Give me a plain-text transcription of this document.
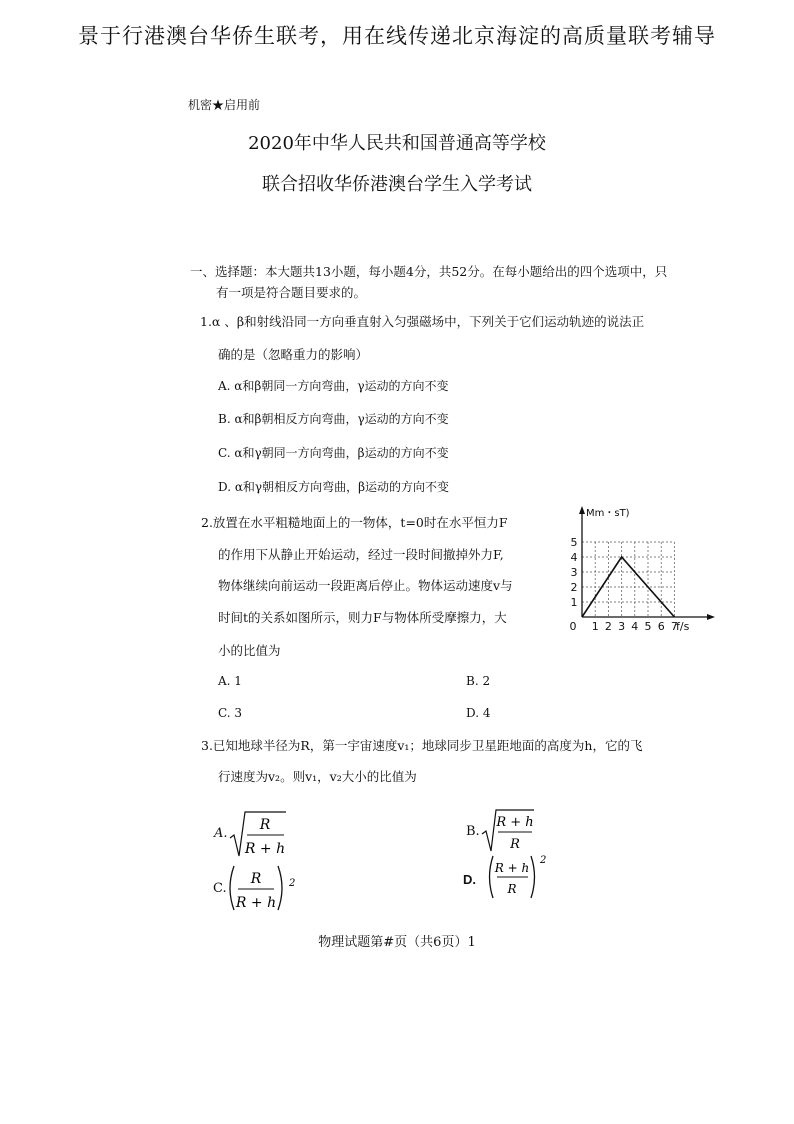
景于行港澳台华侨生联考，用在线传递北京海淀的高质量联考辅导
机密★启用前
2020年中华人民共和国普通高等学校
联合招收华侨港澳台学生入学考试
一、选择题：本大题共13小题，每小题4分，共52分。在每小题给出的四个选项中，只
有一项是符合题目要求的。
1.α 、β和射线沿同一方向垂直射入匀强磁场中，下列关于它们运动轨迹的说法正
确的是（忽略重力的影响）
A. α和β朝同一方向弯曲，γ运动的方向不变
B. α和β朝相反方向弯曲，γ运动的方向不变
C. α和γ朝同一方向弯曲，β运动的方向不变
D. α和γ朝相反方向弯曲，β运动的方向不变
2.放置在水平粗糙地面上的一物体，t=0时在水平恒力F
的作用下从静止开始运动，经过一段时间撤掉外力F,
物体继续向前运动一段距离后停止。物体运动速度v与
时间t的关系如图所示，则力F与物体所受摩擦力，大
小的比值为
A. 1	B. 2
C. 3	D. 4
0 1 2 3 4 5 6 7
1
2
3
4
5
Mm・sT)
f/s
3.已知地球半径为R，第一宇宙速度v₁；地球同步卫星距地面的高度为h，它的飞
行速度为v₂。则v₁，v₂大小的比值为
A.
R
R + h
B.
R + h
R
C.
R
R + h
2	D.
R + h
R
2
物理试题第#页（共6页）1
